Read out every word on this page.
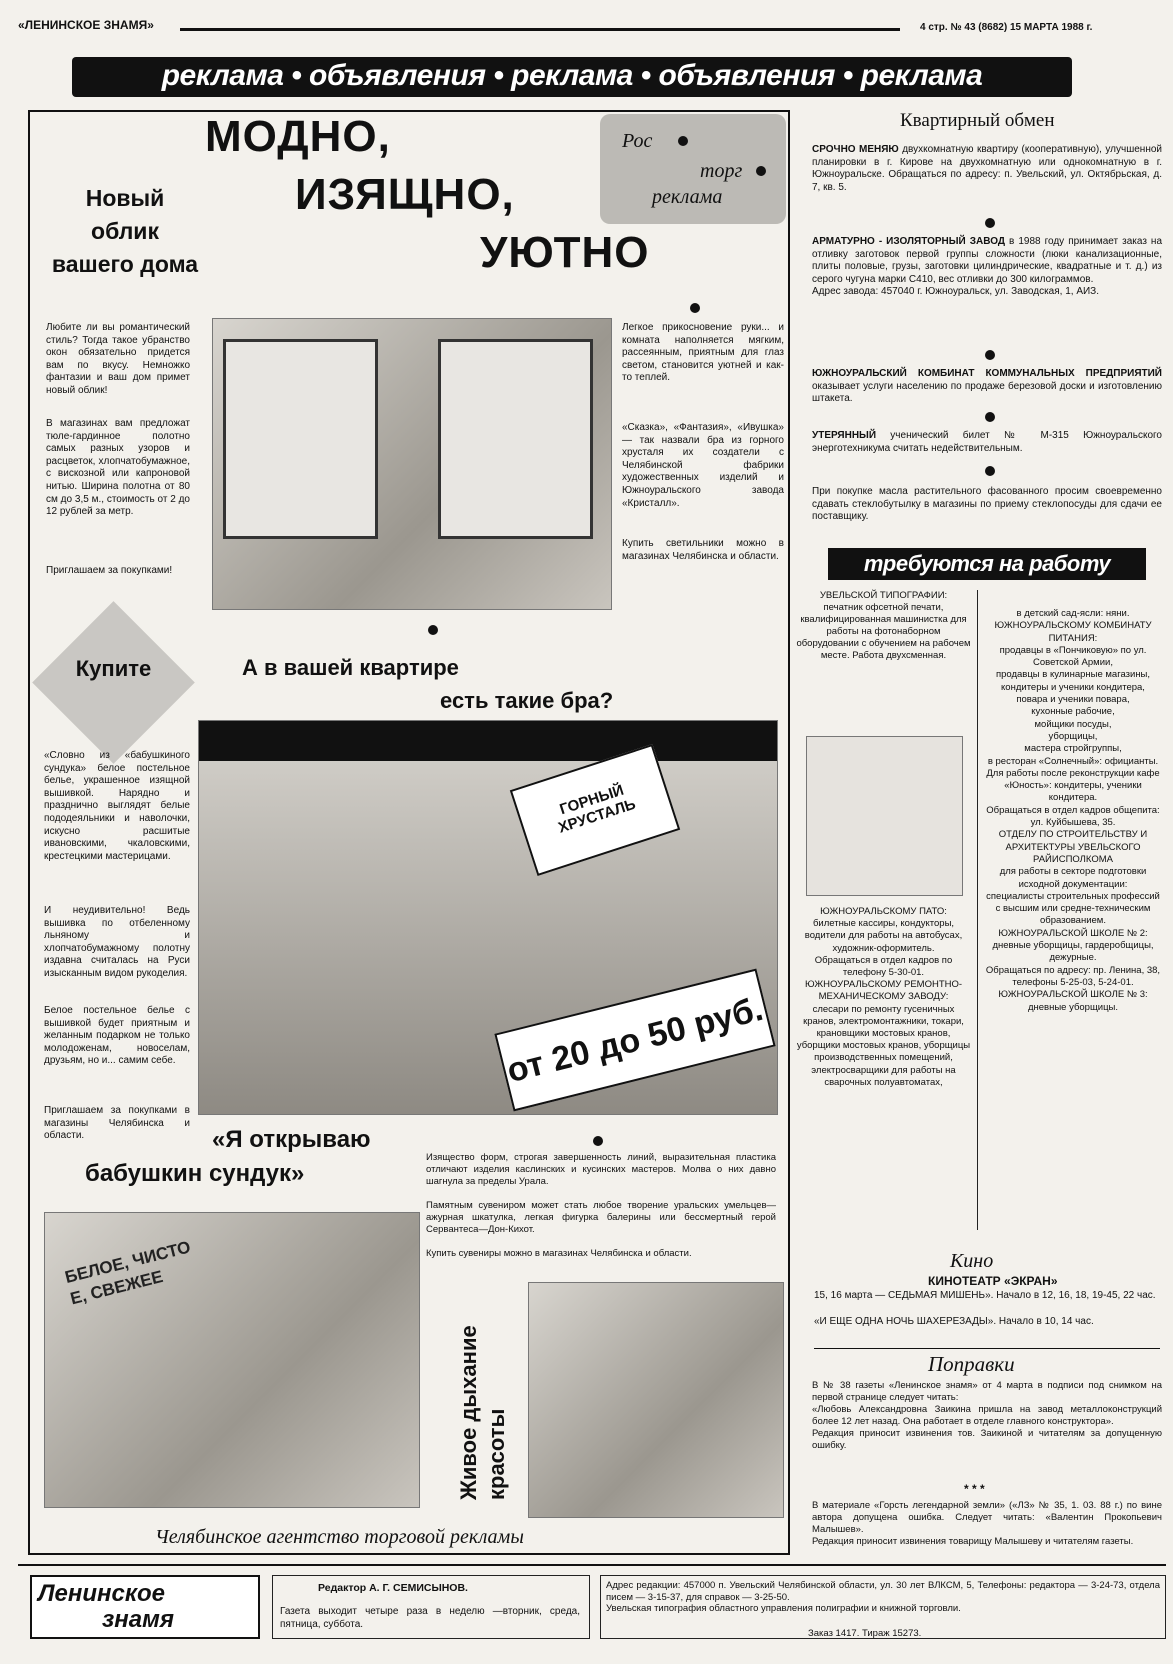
«ЛЕНИНСКОЕ ЗНАМЯ»	4 стр. № 43 (8682) 15 МАРТА 1988 г.
реклама • объявления • реклама • объявления • реклама
МОДНО,
ИЗЯЩНО,
УЮТНО
Рос
торг
реклама
Новый облик вашего дома
Любите ли вы романтический стиль? Тогда такое убранство окон обязательно придется вам по вкусу. Немножко фантазии и ваш дом примет новый облик!
В магазинах вам предложат тюле-гардинное полотно самых разных узоров и расцветок, хлопчатобумажное, с вискозной или капроновой нитью. Ширина полотна от 80 см до 3,5 м., стоимость от 2 до 12 рублей за метр.
Приглашаем за покупками!
Легкое прикосновение руки... и комната наполняется мягким, рассеянным, приятным для глаз светом, становится уютней и как-то теплей.
«Сказка», «Фантазия», «Ивушка» — так назвали бра из горного хрусталя их создатели с Челябинской фабрики художественных изделий и Южноуральского завода «Кристалл».
Купить светильники можно в магазинах Челябинска и области.
Купите	А в вашей квартире
есть такие бра?
ГОРНЫЙ ХРУСТАЛЬ
от 20 до 50 руб.
«Словно из «бабушкиного сундука» белое постельное белье, украшенное изящной вышивкой. Нарядно и празднично выглядят белые пододеяльники и наволочки, искусно расшитые ивановскими, чкаловскими, крестецкими мастерицами.
И неудивительно! Ведь вышивка по отбеленному льняному и хлопчатобумажному полотну издавна считалась на Руси изысканным видом рукоделия.
Белое постельное белье с вышивкой будет приятным и желанным подарком не только молодоженам, новоселам, друзьям, но и... самим себе.
Приглашаем за покупками в магазины Челябинска и области.	«Я открываю
бабушкин сундук»
Изящество форм, строгая завершенность линий, выразительная пластика отличают изделия каслинских и кусинских мастеров. Молва о них давно шагнула за пределы Урала.
Памятным сувениром может стать любое творение уральских умельцев—ажурная шкатулка, легкая фигурка балерины или бессмертный герой Сервантеса—Дон-Кихот.
Купить сувениры можно в магазинах Челябинска и области.
БЕЛОЕ, ЧИСТО Е, СВЕЖЕЕ
Живое дыхание красоты
Челябинское агентство торговой рекламы
Квартирный обмен
СРОЧНО МЕНЯЮ двухкомнатную квартиру (кооперативную), улучшенной планировки в г. Кирове на двухкомнатную или однокомнатную в г. Южноуральске. Обращаться по адресу: п. Увельский, ул. Октябрьская, д. 7, кв. 5.
АРМАТУРНО - ИЗОЛЯТОРНЫЙ ЗАВОД в 1988 году принимает заказ на отливку заготовок первой группы сложности (люки канализационные, плиты половые, грузы, заготовки цилиндрические, квадратные и т. д.) из серого чугуна марки С410, вес отливки до 300 килограммов.
Адрес завода: 457040 г. Южноуральск, ул. Заводская, 1, АИЗ.
ЮЖНОУРАЛЬСКИЙ КОМБИНАТ КОММУНАЛЬНЫХ ПРЕДПРИЯТИЙ оказывает услуги населению по продаже березовой доски и изготовлению штакета.
УТЕРЯННЫЙ ученический билет № М-315 Южноуральского энерготехникума считать недействительным.
При покупке масла растительного фасованного просим своевременно сдавать стеклобутылку в магазины по приему стеклопосуды для сдачи ее поставщику.
требуются на работу
УВЕЛЬСКОЙ ТИПОГРАФИИ:
печатник офсетной печати,
квалифицированная машинистка для работы на фотонаборном оборудовании с обучением на рабочем месте. Работа двухсменная.
ЮЖНОУРАЛЬСКОМУ ПАТО:
билетные кассиры, кондукторы, водители для работы на автобусах, художник-оформитель.
Обращаться в отдел кадров по телефону 5-30-01.
ЮЖНОУРАЛЬСКОМУ РЕМОНТНО-МЕХАНИЧЕСКОМУ ЗАВОДУ:
слесари по ремонту гусеничных кранов, электромонтажники, токари, крановщики мостовых кранов, уборщики мостовых кранов, уборщицы производственных помещений, электросварщики для работы на сварочных полуавтоматах,
в детский сад-ясли: няни.
ЮЖНОУРАЛЬСКОМУ КОМБИНАТУ ПИТАНИЯ:
продавцы в «Пончиковую» по ул. Советской Армии,
продавцы в кулинарные магазины,
кондитеры и ученики кондитера,
повара и ученики повара,
кухонные рабочие,
мойщики посуды,
уборщицы,
мастера стройгруппы,
в ресторан «Солнечный»: официанты.
Для работы после реконструкции кафе «Юность»: кондитеры, ученики кондитера.
Обращаться в отдел кадров общепита: ул. Куйбышева, 35.
ОТДЕЛУ ПО СТРОИТЕЛЬСТВУ И АРХИТЕКТУРЫ УВЕЛЬСКОГО РАЙИСПОЛКОМА
для работы в секторе подготовки исходной документации:
специалисты строительных профессий с высшим или средне-техническим образованием.
ЮЖНОУРАЛЬСКОЙ ШКОЛЕ № 2:
дневные уборщицы, гардеробщицы, дежурные.
Обращаться по адресу: пр. Ленина, 38, телефоны 5-25-03, 5-24-01.
ЮЖНОУРАЛЬСКОЙ ШКОЛЕ № 3:
дневные уборщицы.
Кино
КИНОТЕАТР «ЭКРАН»
15, 16 марта — СЕДЬМАЯ МИШЕНЬ». Начало в 12, 16, 18, 19-45, 22 час.
«И ЕЩЕ ОДНА НОЧЬ ШАХЕРЕЗАДЫ». Начало в 10, 14 час.
Поправки
В № 38 газеты «Ленинское знамя» от 4 марта в подписи под снимком на первой странице следует читать:
«Любовь Александровна Заикина пришла на завод металлоконструкций более 12 лет назад. Она работает в отделе главного конструктора».
Редакция приносит извинения тов. Заикиной и читателям за допущенную ошибку.
* * *
В материале «Горсть легендарной земли» («ЛЗ» № 35, 1. 03. 88 г.) по вине автора допущена ошибка. Следует читать: «Валентин Прокопьевич Малышев».
Редакция приносит извинения товарищу Малышеву и читателям газеты.
Ленинское
знамя
Редактор А. Г. СЕМИСЫНОВ.
Газета выходит четыре раза в неделю —вторник, среда, пятница, суббота.
Адрес редакции: 457000 п. Увельский Челябинской области, ул. 30 лет ВЛКСМ, 5, Телефоны: редактора — 3-24-73, отдела писем — 3-15-37, для справок — 3-25-50.
Увельская типография областного управления полиграфии и книжной торговли.
Заказ 1417. Тираж 15273.
